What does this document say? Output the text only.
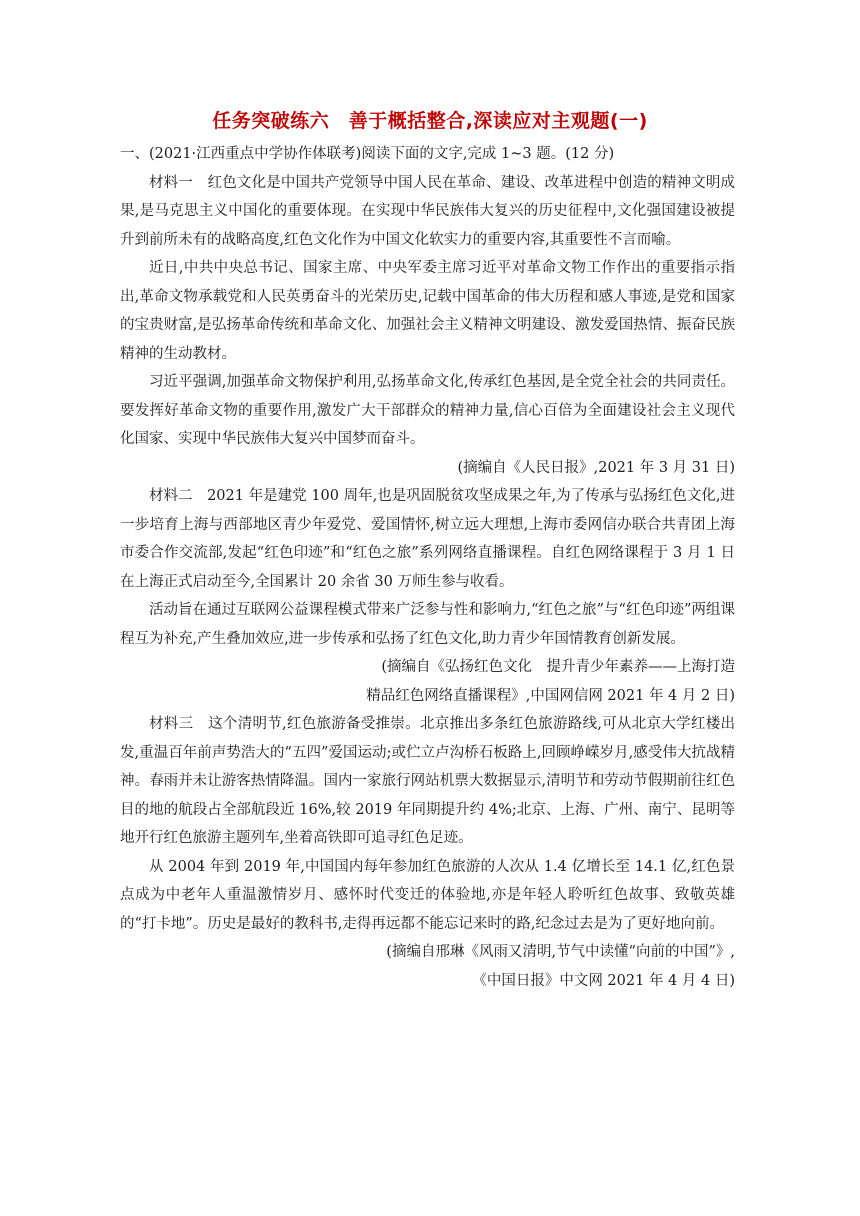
任务突破练六　善于概括整合,深读应对主观题(一)

一、(2021·江西重点中学协作体联考)阅读下面的文字,完成 1~3 题。(12 分)

材料一　红色文化是中国共产党领导中国人民在革命、建设、改革进程中创造的精神文明成果,是马克思主义中国化的重要体现。在实现中华民族伟大复兴的历史征程中,文化强国建设被提升到前所未有的战略高度,红色文化作为中国文化软实力的重要内容,其重要性不言而喻。

近日,中共中央总书记、国家主席、中央军委主席习近平对革命文物工作作出的重要指示指出,革命文物承载党和人民英勇奋斗的光荣历史,记载中国革命的伟大历程和感人事迹,是党和国家的宝贵财富,是弘扬革命传统和革命文化、加强社会主义精神文明建设、激发爱国热情、振奋民族精神的生动教材。

习近平强调,加强革命文物保护利用,弘扬革命文化,传承红色基因,是全党全社会的共同责任。要发挥好革命文物的重要作用,激发广大干部群众的精神力量,信心百倍为全面建设社会主义现代化国家、实现中华民族伟大复兴中国梦而奋斗。

(摘编自《人民日报》,2021 年 3 月 31 日)

材料二　2021 年是建党 100 周年,也是巩固脱贫攻坚成果之年,为了传承与弘扬红色文化,进一步培育上海与西部地区青少年爱党、爱国情怀,树立远大理想,上海市委网信办联合共青团上海市委合作交流部,发起“红色印迹”和“红色之旅”系列网络直播课程。自红色网络课程于 3 月 1 日在上海正式启动至今,全国累计 20 余省 30 万师生参与收看。

活动旨在通过互联网公益课程模式带来广泛参与性和影响力,“红色之旅”与“红色印迹”两组课程互为补充,产生叠加效应,进一步传承和弘扬了红色文化,助力青少年国情教育创新发展。

(摘编自《弘扬红色文化　提升青少年素养——上海打造

精品红色网络直播课程》,中国网信网 2021 年 4 月 2 日)

材料三　这个清明节,红色旅游备受推崇。北京推出多条红色旅游路线,可从北京大学红楼出发,重温百年前声势浩大的“五四”爱国运动;或伫立卢沟桥石板路上,回顾峥嵘岁月,感受伟大抗战精神。春雨并未让游客热情降温。国内一家旅行网站机票大数据显示,清明节和劳动节假期前往红色目的地的航段占全部航段近 16%,较 2019 年同期提升约 4%;北京、上海、广州、南宁、昆明等地开行红色旅游主题列车,坐着高铁即可追寻红色足迹。

从 2004 年到 2019 年,中国国内每年参加红色旅游的人次从 1.4 亿增长至 14.1 亿,红色景点成为中老年人重温激情岁月、感怀时代变迁的体验地,亦是年轻人聆听红色故事、致敬英雄的“打卡地”。历史是最好的教科书,走得再远都不能忘记来时的路,纪念过去是为了更好地向前。

(摘编自邢琳《风雨又清明,节气中读懂“向前的中国”》,

《中国日报》中文网 2021 年 4 月 4 日)
